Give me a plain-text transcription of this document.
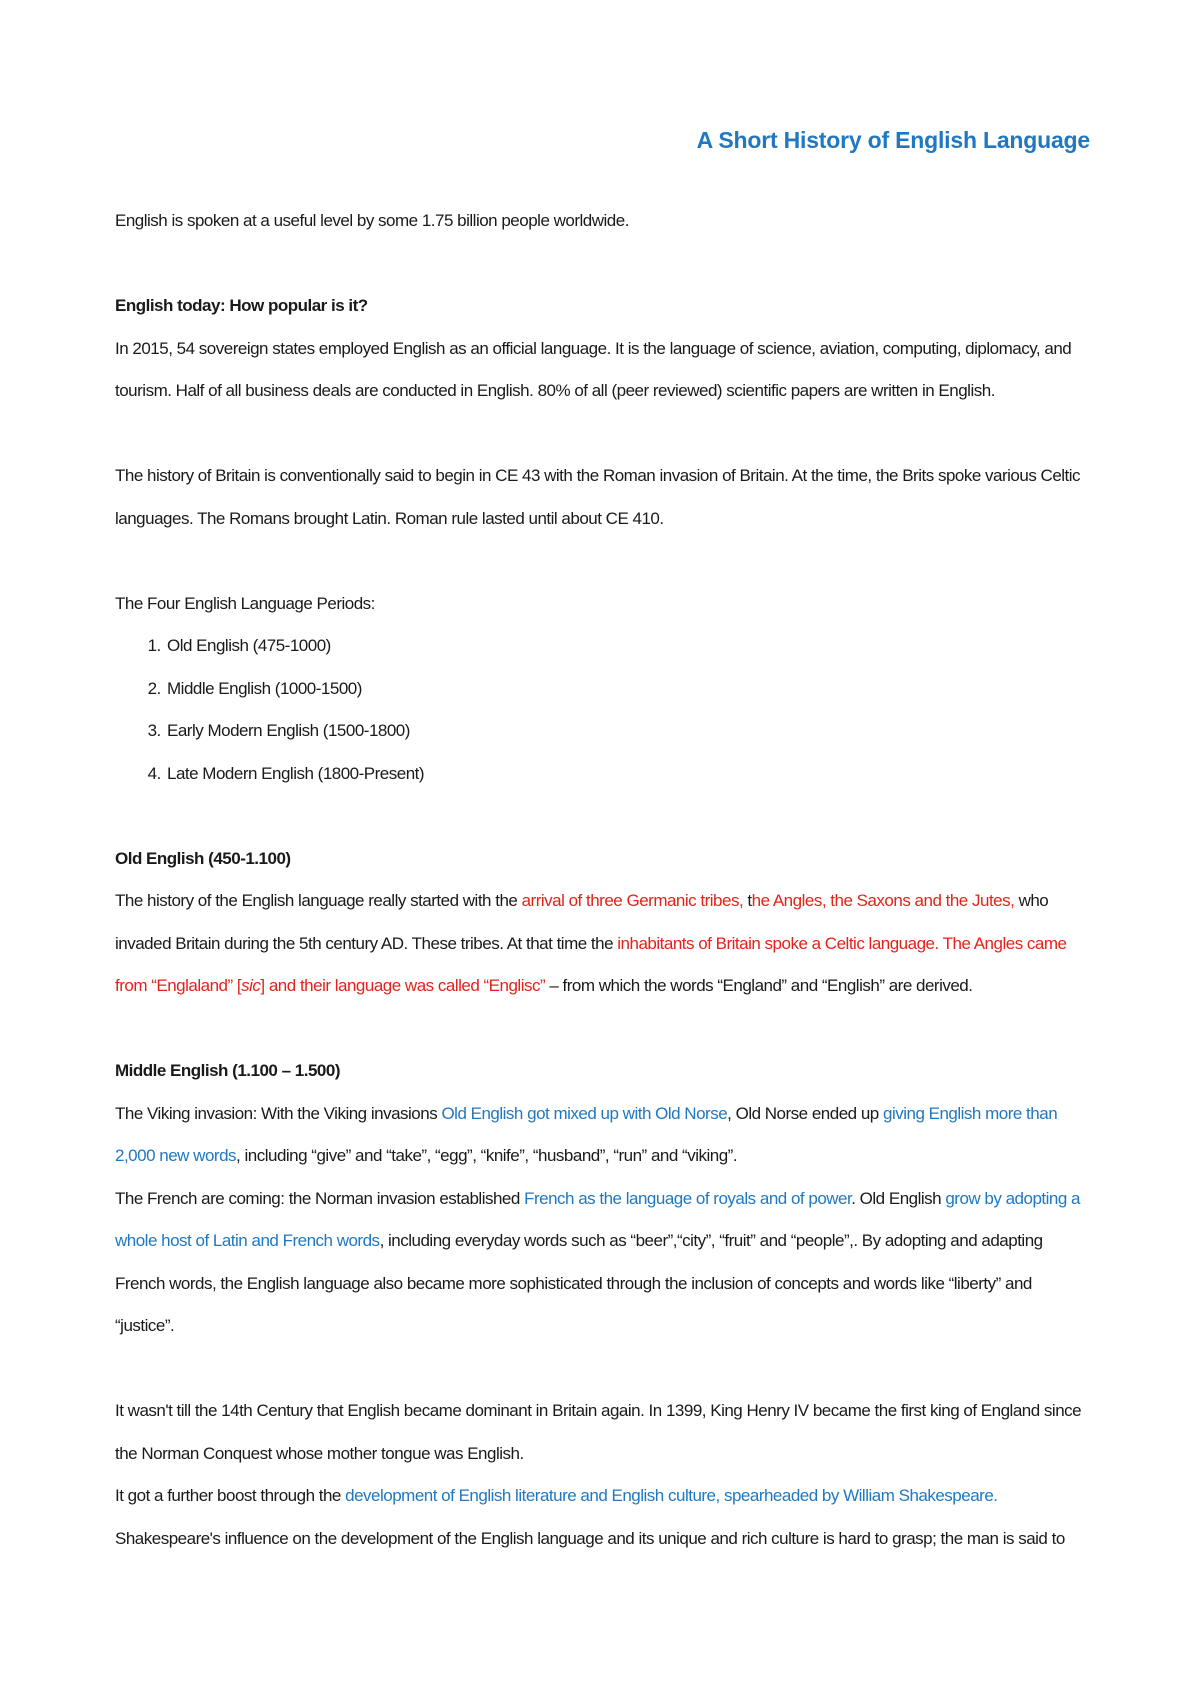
A Short History of English Language

English is spoken at a useful level by some 1.75 billion people worldwide.

English today: How popular is it?

In 2015, 54 sovereign states employed English as an official language. It is the language of science, aviation, computing, diplomacy, and tourism. Half of all business deals are conducted in English. 80% of all (peer reviewed) scientific papers are written in English.

The history of Britain is conventionally said to begin in CE 43 with the Roman invasion of Britain. At the time, the Brits spoke various Celtic languages. The Romans brought Latin. Roman rule lasted until about CE 410.

The Four English Language Periods:

1. Old English (475-1000)
2. Middle English (1000-1500)
3. Early Modern English (1500-1800)
4. Late Modern English (1800-Present)

Old English (450-1.100)

The history of the English language really started with the arrival of three Germanic tribes, the Angles, the Saxons and the Jutes, who invaded Britain during the 5th century AD. These tribes. At that time the inhabitants of Britain spoke a Celtic language. The Angles came from “Englaland” [sic] and their language was called “Englisc” – from which the words “England” and “English” are derived.

Middle English (1.100 – 1.500)

The Viking invasion: With the Viking invasions Old English got mixed up with Old Norse, Old Norse ended up giving English more than 2,000 new words, including “give” and “take”, “egg”, “knife”, “husband”, “run” and “viking”.

The French are coming: the Norman invasion established French as the language of royals and of power. Old English grow by adopting a whole host of Latin and French words, including everyday words such as “beer”,“city”, “fruit” and “people”,. By adopting and adapting French words, the English language also became more sophisticated through the inclusion of concepts and words like “liberty” and “justice”.

It wasn't till the 14th Century that English became dominant in Britain again. In 1399, King Henry IV became the first king of England since the Norman Conquest whose mother tongue was English.

It got a further boost through the development of English literature and English culture, spearheaded by William Shakespeare.

Shakespeare's influence on the development of the English language and its unique and rich culture is hard to grasp; the man is said to
